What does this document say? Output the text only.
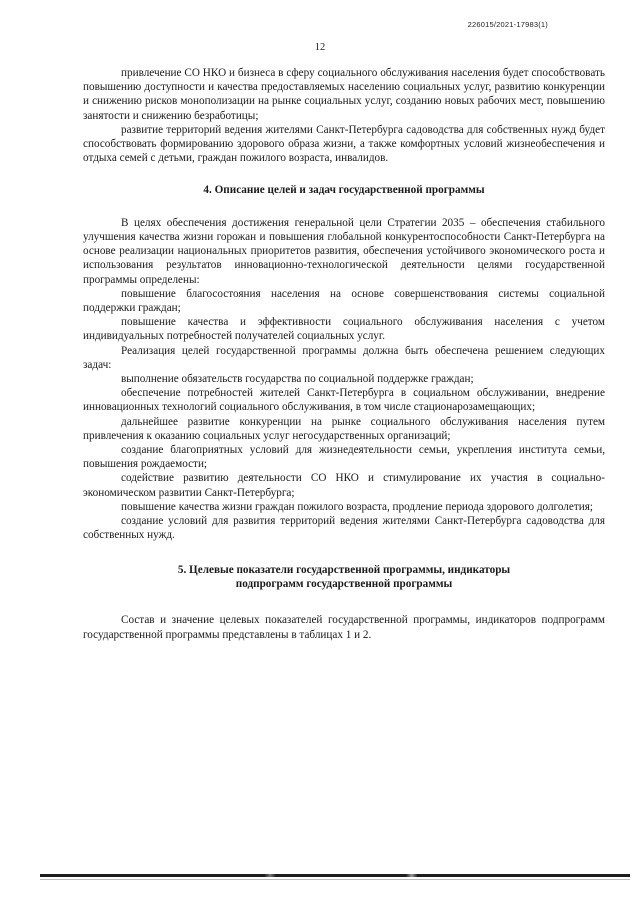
226015/2021-17983(1)
12

привлечение СО НКО и бизнеса в сферу социального обслуживания населения будет способствовать повышению доступности и качества предоставляемых населению социальных услуг, развитию конкуренции и снижению рисков монополизации на рынке социальных услуг, созданию новых рабочих мест, повышению занятости и снижению безработицы;

развитие территорий ведения жителями Санкт-Петербурга садоводства для собственных нужд будет способствовать формированию здорового образа жизни, а также комфортных условий жизнеобеспечения и отдыха семей с детьми, граждан пожилого возраста, инвалидов.

4. Описание целей и задач государственной программы

В целях обеспечения достижения генеральной цели Стратегии 2035 – обеспечения стабильного улучшения качества жизни горожан и повышения глобальной конкурентоспособности Санкт-Петербурга на основе реализации национальных приоритетов развития, обеспечения устойчивого экономического роста и использования результатов инновационно-технологической деятельности целями государственной программы определены:

повышение благосостояния населения на основе совершенствования системы социальной поддержки граждан;

повышение качества и эффективности социального обслуживания населения с учетом индивидуальных потребностей получателей социальных услуг.

Реализация целей государственной программы должна быть обеспечена решением следующих задач:

выполнение обязательств государства по социальной поддержке граждан;

обеспечение потребностей жителей Санкт-Петербурга в социальном обслуживании, внедрение инновационных технологий социального обслуживания, в том числе стационарозамещающих;

дальнейшее развитие конкуренции на рынке социального обслуживания населения путем привлечения к оказанию социальных услуг негосударственных организаций;

создание благоприятных условий для жизнедеятельности семьи, укрепления института семьи, повышения рождаемости;

содействие развитию деятельности СО НКО и стимулирование их участия в социально-экономическом развитии Санкт-Петербурга;

повышение качества жизни граждан пожилого возраста, продление периода здорового долголетия;

создание условий для развития территорий ведения жителями Санкт-Петербурга садоводства для собственных нужд.

5. Целевые показатели государственной программы, индикаторы
подпрограмм государственной программы

Состав и значение целевых показателей государственной программы, индикаторов подпрограмм государственной программы представлены в таблицах 1 и 2.
